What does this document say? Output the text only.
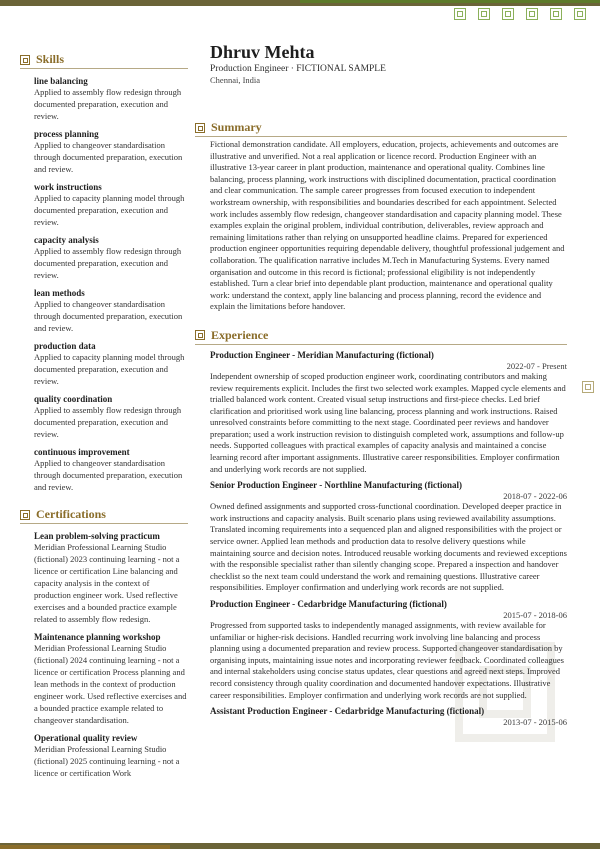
Skills
line balancing
Applied to assembly flow redesign through documented preparation, execution and review.
process planning
Applied to changeover standardisation through documented preparation, execution and review.
work instructions
Applied to capacity planning model through documented preparation, execution and review.
capacity analysis
Applied to assembly flow redesign through documented preparation, execution and review.
lean methods
Applied to changeover standardisation through documented preparation, execution and review.
production data
Applied to capacity planning model through documented preparation, execution and review.
quality coordination
Applied to assembly flow redesign through documented preparation, execution and review.
continuous improvement
Applied to changeover standardisation through documented preparation, execution and review.
Certifications
Lean problem-solving practicum
Meridian Professional Learning Studio (fictional) 2023 continuing learning - not a licence or certification Line balancing and capacity analysis in the context of production engineer work. Used reflective exercises and a bounded practice example related to assembly flow redesign.
Maintenance planning workshop
Meridian Professional Learning Studio (fictional) 2024 continuing learning - not a licence or certification Process planning and lean methods in the context of production engineer work. Used reflective exercises and a bounded practice example related to changeover standardisation.
Operational quality review
Meridian Professional Learning Studio (fictional) 2025 continuing learning - not a licence or certification Work
Dhruv Mehta
Production Engineer · FICTIONAL SAMPLE
Chennai, India
Summary
Fictional demonstration candidate. All employers, education, projects, achievements and outcomes are illustrative and unverified. Not a real application or licence record. Production Engineer with an illustrative 13-year career in plant production, maintenance and operational quality. Combines line balancing, process planning, work instructions with disciplined documentation, practical coordination and clear communication. The sample career progresses from focused execution to independent workstream ownership, with responsibilities and boundaries described for each appointment. Selected work includes assembly flow redesign, changeover standardisation and capacity planning model. These examples explain the original problem, individual contribution, deliverables, review approach and remaining limitations rather than relying on unsupported headline claims. Prepared for experienced production engineer opportunities requiring dependable delivery, thoughtful professional judgement and collaboration. The qualification narrative includes M.Tech in Manufacturing Systems. Every named organisation and outcome in this record is fictional; professional eligibility is not independently established. Turn a clear brief into dependable plant production, maintenance and operational quality work: understand the context, apply line balancing and process planning, record the evidence and explain the limitations before handover.
Experience
Production Engineer - Meridian Manufacturing (fictional)
2022-07 - Present
Independent ownership of scoped production engineer work, coordinating contributors and making review requirements explicit. Includes the first two selected work examples. Mapped cycle elements and trialled balanced work content. Created visual setup instructions and first-piece checks. Led brief clarification and prioritised work using line balancing, process planning and work instructions. Raised unresolved constraints before committing to the next stage. Coordinated peer reviews and handover preparation; used a work instruction revision to distinguish completed work, assumptions and follow-up needs. Supported colleagues with practical examples of capacity analysis and maintained a concise learning record after important assignments. Illustrative career responsibilities. Employer confirmation and underlying work records are not supplied.
Senior Production Engineer - Northline Manufacturing (fictional)
2018-07 - 2022-06
Owned defined assignments and supported cross-functional coordination. Developed deeper practice in work instructions and capacity analysis. Built scenario plans using reviewed availability assumptions. Translated incoming requirements into a sequenced plan and aligned responsibilities with the project or service owner. Applied lean methods and production data to resolve delivery questions while maintaining source and decision notes. Introduced reusable working documents and reviewed exceptions with the responsible specialist rather than silently changing scope. Prepared a inspection and handover checklist so the next team could understand the work and remaining questions. Illustrative career responsibilities. Employer confirmation and underlying work records are not supplied.
Production Engineer - Cedarbridge Manufacturing (fictional)
2015-07 - 2018-06
Progressed from supported tasks to independently managed assignments, with review available for unfamiliar or higher-risk decisions. Handled recurring work involving line balancing and process planning using a documented preparation and review process. Supported changeover standardisation by organising inputs, maintaining issue notes and incorporating reviewer feedback. Coordinated colleagues and internal stakeholders using concise status updates, clear questions and agreed next steps. Improved record consistency through quality coordination and documented handover expectations. Illustrative career responsibilities. Employer confirmation and underlying work records are not supplied.
Assistant Production Engineer - Cedarbridge Manufacturing (fictional)
2013-07 - 2015-06
